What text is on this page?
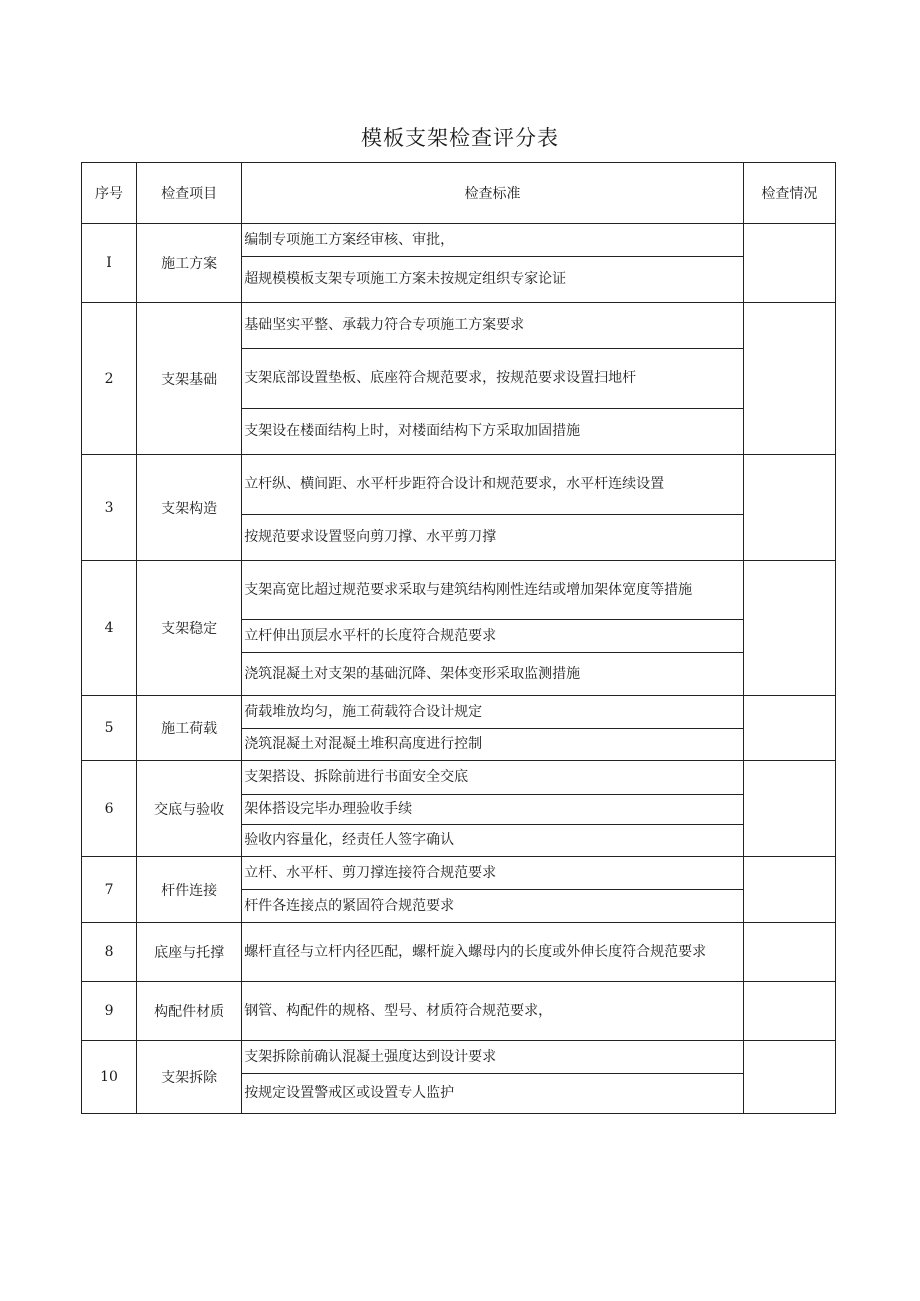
模板支架检查评分表
序号	检查项目	检查标准	检查情况
I	施工方案	编制专项施工方案经审核、审批，	
		超规模模板支架专项施工方案未按规定组织专家论证	
2	支架基础	基础坚实平整、承载力符合专项施工方案要求	
		支架底部设置垫板、底座符合规范要求，按规范要求设置扫地杆	
		支架设在楼面结构上时，对楼面结构下方采取加固措施	
3	支架构造	立杆纵、横间距、水平杆步距符合设计和规范要求，水平杆连续设置	
		按规范要求设置竖向剪刀撑、水平剪刀撑	
4	支架稳定	支架高宽比超过规范要求采取与建筑结构刚性连结或增加架体宽度等措施	
		立杆伸出顶层水平杆的长度符合规范要求	
		浇筑混凝土对支架的基础沉降、架体变形采取监测措施	
5	施工荷载	荷载堆放均匀，施工荷载符合设计规定	
		浇筑混凝土对混凝土堆积高度进行控制	
6	交底与验收	支架搭设、拆除前进行书面安全交底	
		架体搭设完毕办理验收手续	
		验收内容量化，经责任人签字确认	
7	杆件连接	立杆、水平杆、剪刀撑连接符合规范要求	
		杆件各连接点的紧固符合规范要求	
8	底座与托撑	螺杆直径与立杆内径匹配，螺杆旋入螺母内的长度或外伸长度符合规范要求	
9	构配件材质	钢管、构配件的规格、型号、材质符合规范要求，	
10	支架拆除	支架拆除前确认混凝土强度达到设计要求	
		按规定设置警戒区或设置专人监护	
